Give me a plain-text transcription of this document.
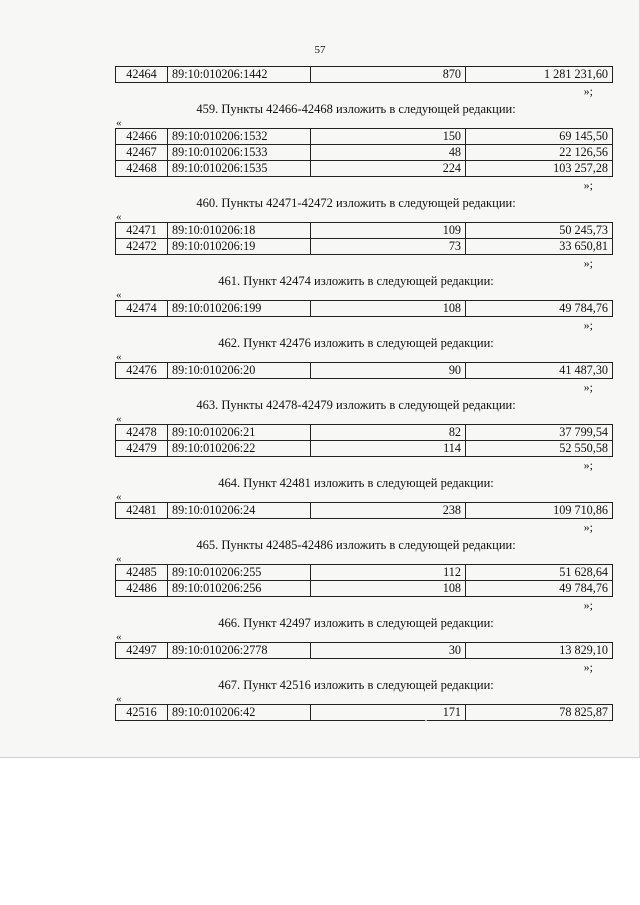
57
42464	89:10:010206:1442	870	1 281 231,60
»;
459. Пункты 42466-42468 изложить в следующей редакции:
«
42466	89:10:010206:1532	150	69 145,50
42467	89:10:010206:1533	48	22 126,56
42468	89:10:010206:1535	224	103 257,28
»;
460. Пункты 42471-42472 изложить в следующей редакции:
«
42471	89:10:010206:18	109	50 245,73
42472	89:10:010206:19	73	33 650,81
»;
461. Пункт 42474 изложить в следующей редакции:
«
42474	89:10:010206:199	108	49 784,76
»;
462. Пункт 42476 изложить в следующей редакции:
«
42476	89:10:010206:20	90	41 487,30
»;
463. Пункты 42478-42479 изложить в следующей редакции:
«
42478	89:10:010206:21	82	37 799,54
42479	89:10:010206:22	114	52 550,58
»;
464. Пункт 42481 изложить в следующей редакции:
«
42481	89:10:010206:24	238	109 710,86
»;
465. Пункты 42485-42486 изложить в следующей редакции:
«
42485	89:10:010206:255	112	51 628,64
42486	89:10:010206:256	108	49 784,76
»;
466. Пункт 42497 изложить в следующей редакции:
«
42497	89:10:010206:2778	30	13 829,10
»;
467. Пункт 42516 изложить в следующей редакции:
«
42516	89:10:010206:42	171	78 825,87
